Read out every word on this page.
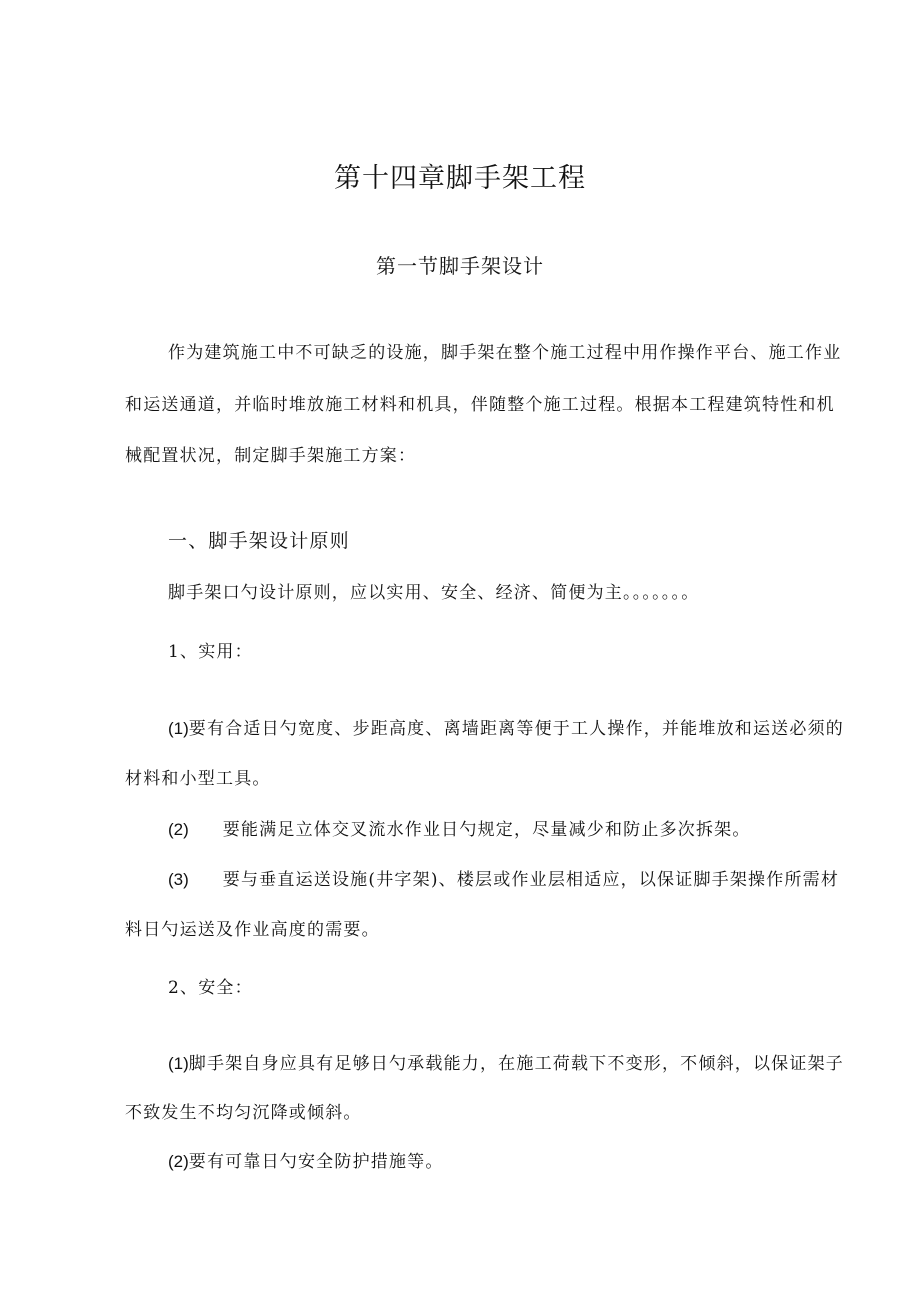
第十四章脚手架工程
第一节脚手架设计
作为建筑施工中不可缺乏的设施，脚手架在整个施工过程中用作操作平台、施工作业
和运送通道，并临时堆放施工材料和机具，伴随整个施工过程。根据本工程建筑特性和机
械配置状况，制定脚手架施工方案：
一、脚手架设计原则
脚手架口勺设计原则，应以实用、安全、经济、简便为主。。。。。。。
1、实用：
(1)要有合适日勺宽度、步距高度、离墙距离等便于工人操作，并能堆放和运送必须的
材料和小型工具。
(2) 要能满足立体交叉流水作业日勺规定，尽量减少和防止多次拆架。
(3) 要与垂直运送设施(井字架)、楼层或作业层相适应，以保证脚手架操作所需材
料日勺运送及作业高度的需要。
2、安全：
(1)脚手架自身应具有足够日勺承载能力，在施工荷载下不变形，不倾斜，以保证架子
不致发生不均匀沉降或倾斜。
(2)要有可靠日勺安全防护措施等。
